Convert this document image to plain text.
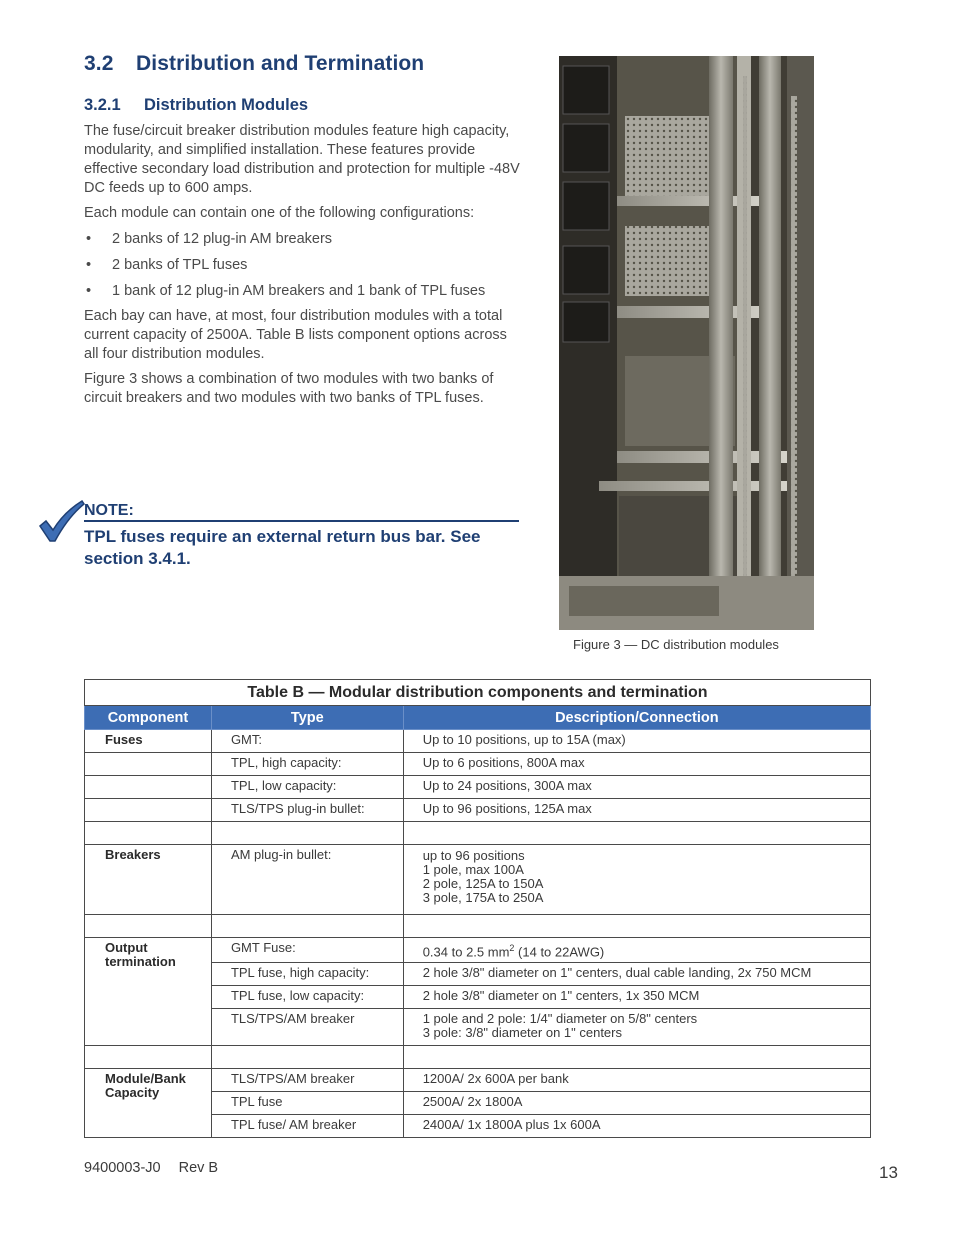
3.2 Distribution and Termination
3.2.1 Distribution Modules

The fuse/circuit breaker distribution modules feature high capacity, modularity, and simplified installation. These features provide effective secondary load distribution and protection for multiple -48V DC feeds up to 600 amps.

Each module can contain one of the following configurations:

• 2 banks of 12 plug-in AM breakers
• 2 banks of TPL fuses
• 1 bank of 12 plug-in AM breakers and 1 bank of TPL fuses

Each bay can have, at most, four distribution modules with a total current capacity of 2500A. Table B lists component options across all four distribution modules.

Figure 3 shows a combination of two modules with two banks of circuit breakers and two modules with two banks of TPL fuses.

NOTE:
TPL fuses require an external return bus bar. See section 3.4.1.
Figure 3 — DC distribution modules
Table B — Modular distribution components and termination		
Component	Type	Description/Connection
Fuses	GMT:	Up to 10 positions, up to 15A (max)
	TPL, high capacity:	Up to 6 positions, 800A max
	TPL, low capacity:	Up to 24 positions, 300A max
	TLS/TPS plug-in bullet:	Up to 96 positions, 125A max

Breakers	AM plug-in bullet:	up to 96 positions
1 pole, max 100A
2 pole, 125A to 150A
3 pole, 175A to 250A

Output
termination	GMT Fuse:	0.34 to 2.5 $mm^2$ (14 to 22AWG)
	TPL fuse, high capacity:	2 hole 3/8" diameter on 1" centers, dual cable landing, 2x 750 MCM
	TPL fuse, low capacity:	2 hole 3/8" diameter on 1" centers, 1x 350 MCM
	TLS/TPS/AM breaker	1 pole and 2 pole: 1/4" diameter on 5/8" centers
3 pole: 3/8" diameter on 1" centers

Module/Bank
Capacity	TLS/TPS/AM breaker	1200A/ 2x 600A per bank
	TPL fuse	2500A/ 2x 1800A
	TPL fuse/ AM breaker	2400A/ 1x 1800A plus 1x 600A
9400003-J0 Rev B	13
